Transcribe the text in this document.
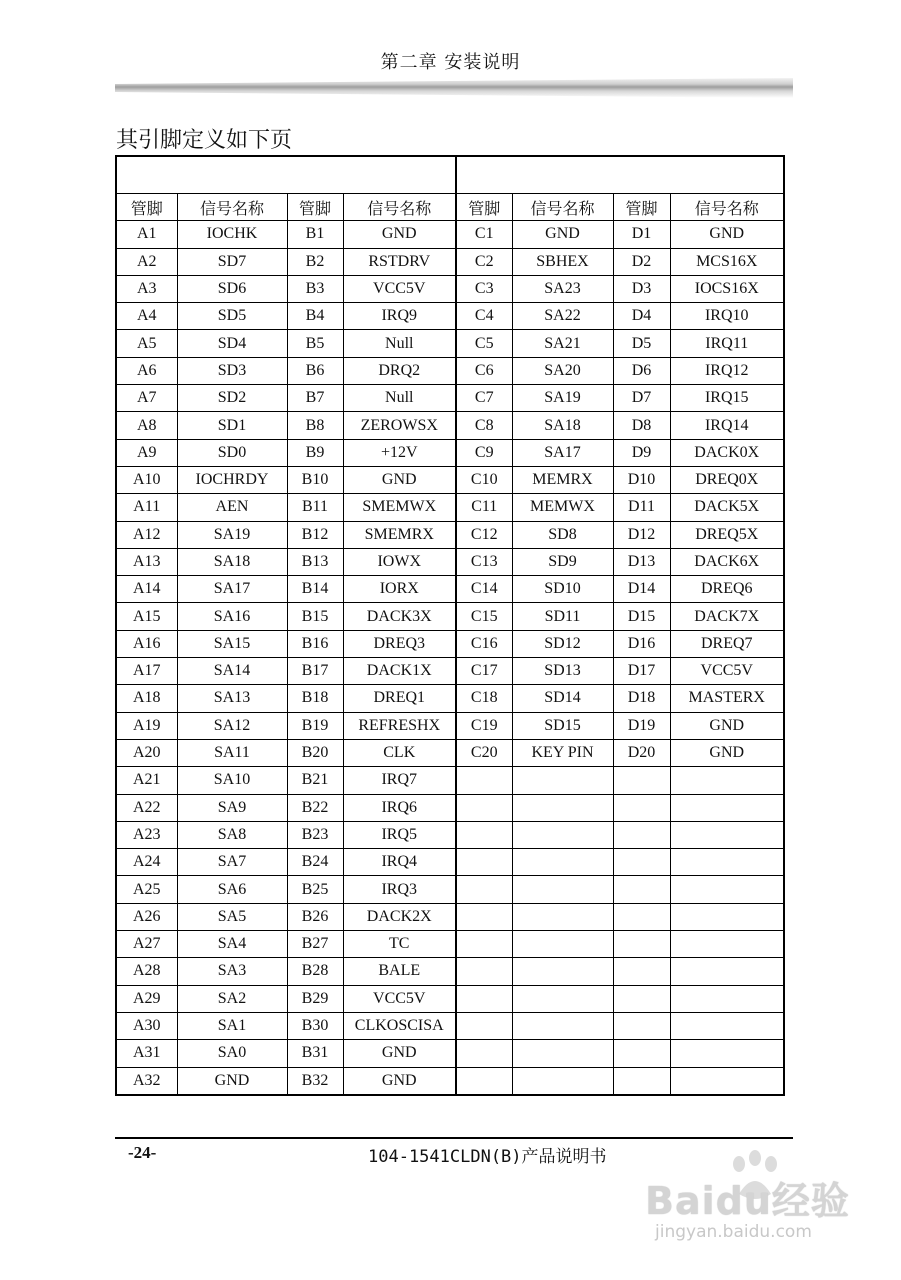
第二章 安装说明
其引脚定义如下页

管脚	信号名称	管脚	信号名称	管脚	信号名称	管脚	信号名称
A1	IOCHK	B1	GND	C1	GND	D1	GND
A2	SD7	B2	RSTDRV	C2	SBHEX	D2	MCS16X
A3	SD6	B3	VCC5V	C3	SA23	D3	IOCS16X
A4	SD5	B4	IRQ9	C4	SA22	D4	IRQ10
A5	SD4	B5	Null	C5	SA21	D5	IRQ11
A6	SD3	B6	DRQ2	C6	SA20	D6	IRQ12
A7	SD2	B7	Null	C7	SA19	D7	IRQ15
A8	SD1	B8	ZEROWSX	C8	SA18	D8	IRQ14
A9	SD0	B9	+12V	C9	SA17	D9	DACK0X
A10	IOCHRDY	B10	GND	C10	MEMRX	D10	DREQ0X
A11	AEN	B11	SMEMWX	C11	MEMWX	D11	DACK5X
A12	SA19	B12	SMEMRX	C12	SD8	D12	DREQ5X
A13	SA18	B13	IOWX	C13	SD9	D13	DACK6X
A14	SA17	B14	IORX	C14	SD10	D14	DREQ6
A15	SA16	B15	DACK3X	C15	SD11	D15	DACK7X
A16	SA15	B16	DREQ3	C16	SD12	D16	DREQ7
A17	SA14	B17	DACK1X	C17	SD13	D17	VCC5V
A18	SA13	B18	DREQ1	C18	SD14	D18	MASTERX
A19	SA12	B19	REFRESHX	C19	SD15	D19	GND
A20	SA11	B20	CLK	C20	KEY PIN	D20	GND
A21	SA10	B21	IRQ7				
A22	SA9	B22	IRQ6				
A23	SA8	B23	IRQ5				
A24	SA7	B24	IRQ4				
A25	SA6	B25	IRQ3				
A26	SA5	B26	DACK2X				
A27	SA4	B27	TC				
A28	SA3	B28	BALE				
A29	SA2	B29	VCC5V				
A30	SA1	B30	CLKOSCISA				
A31	SA0	B31	GND				
A32	GND	B32	GND				
-24-	104-1541CLDN(B)产品说明书
Baidu经验
jingyan.baidu.com
